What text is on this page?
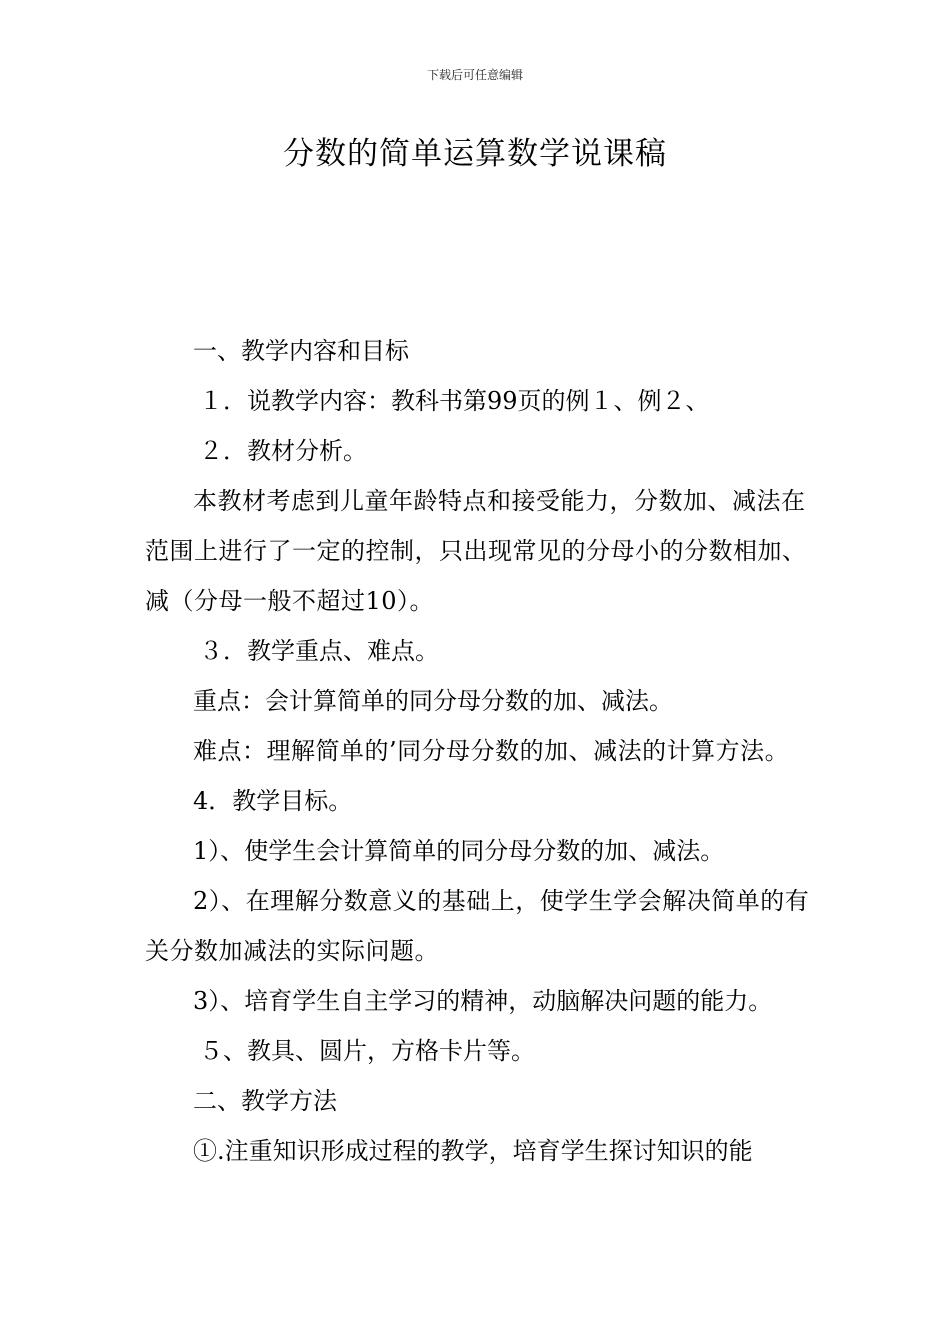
下载后可任意编辑
分数的简单运算数学说课稿

一、教学内容和目标

１．说教学内容：教科书第99页的例１、例２、

２．教材分析。

本教材考虑到儿童年龄特点和接受能力，分数加、减法在范围上进行了一定的控制，只出现常见的分母小的分数相加、减（分母一般不超过10）。

３．教学重点、难点。

重点：会计算简单的同分母分数的加、减法。

难点：理解简单的’同分母分数的加、减法的计算方法。

4．教学目标。

1）、使学生会计算简单的同分母分数的加、减法。

2）、在理解分数意义的基础上，使学生学会解决简单的有关分数加减法的实际问题。

3）、培育学生自主学习的精神，动脑解决问题的能力。

５、教具、圆片，方格卡片等。

二、教学方法

①.注重知识形成过程的教学，培育学生探讨知识的能
